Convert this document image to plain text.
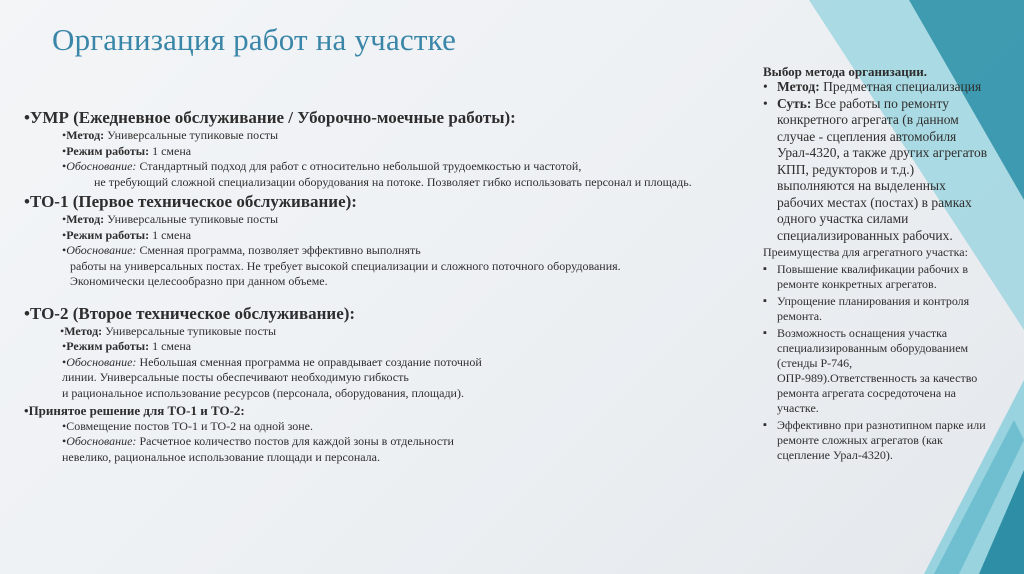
Организация работ на участке
•УМР (Ежедневное обслуживание / Уборочно-моечные работы):
•Метод: Универсальные тупиковые посты
•Режим работы: 1 смена
•Обоснование: Стандартный подход для работ с относительно небольшой трудоемкостью и частотой,
не требующий сложной специализации оборудования на потоке. Позволяет гибко использовать персонал и площадь.
•ТО-1 (Первое техническое обслуживание):
•Метод: Универсальные тупиковые посты
•Режим работы: 1 смена
•Обоснование: Сменная программа, позволяет эффективно выполнять
работы на универсальных постах. Не требует высокой специализации и сложного поточного оборудования.
Экономически целесообразно при данном объеме.
•ТО-2 (Второе техническое обслуживание):
•Метод: Универсальные тупиковые посты
•Режим работы: 1 смена
•Обоснование: Небольшая сменная программа не оправдывает создание поточной
линии. Универсальные посты обеспечивают необходимую гибкость
и рациональное использование ресурсов (персонала, оборудования, площади).
•Принятое решение для ТО-1 и ТО-2:
•Совмещение постов ТО-1 и ТО-2 на одной зоне.
•Обоснование: Расчетное количество постов для каждой зоны в отдельности
невелико, рациональное использование площади и персонала.
Выбор метода организации.
• Метод: Предметная специализация
• Суть: Все работы по ремонту конкретного агрегата (в данном случае - сцепления автомобиля Урал-4320, а также других агрегатов КПП, редукторов и т.д.) выполняются на выделенных рабочих местах (постах) в рамках одного участка силами специализированных рабочих.
Преимущества для агрегатного участка:
▪ Повышение квалификации рабочих в ремонте конкретных агрегатов.
▪ Упрощение планирования и контроля ремонта.
▪ Возможность оснащения участка специализированным оборудованием (стенды Р-746, ОПР-989).Ответственность за качество ремонта агрегата сосредоточена на участке.
▪ Эффективно при разнотипном парке или ремонте сложных агрегатов (как сцепление Урал-4320).
